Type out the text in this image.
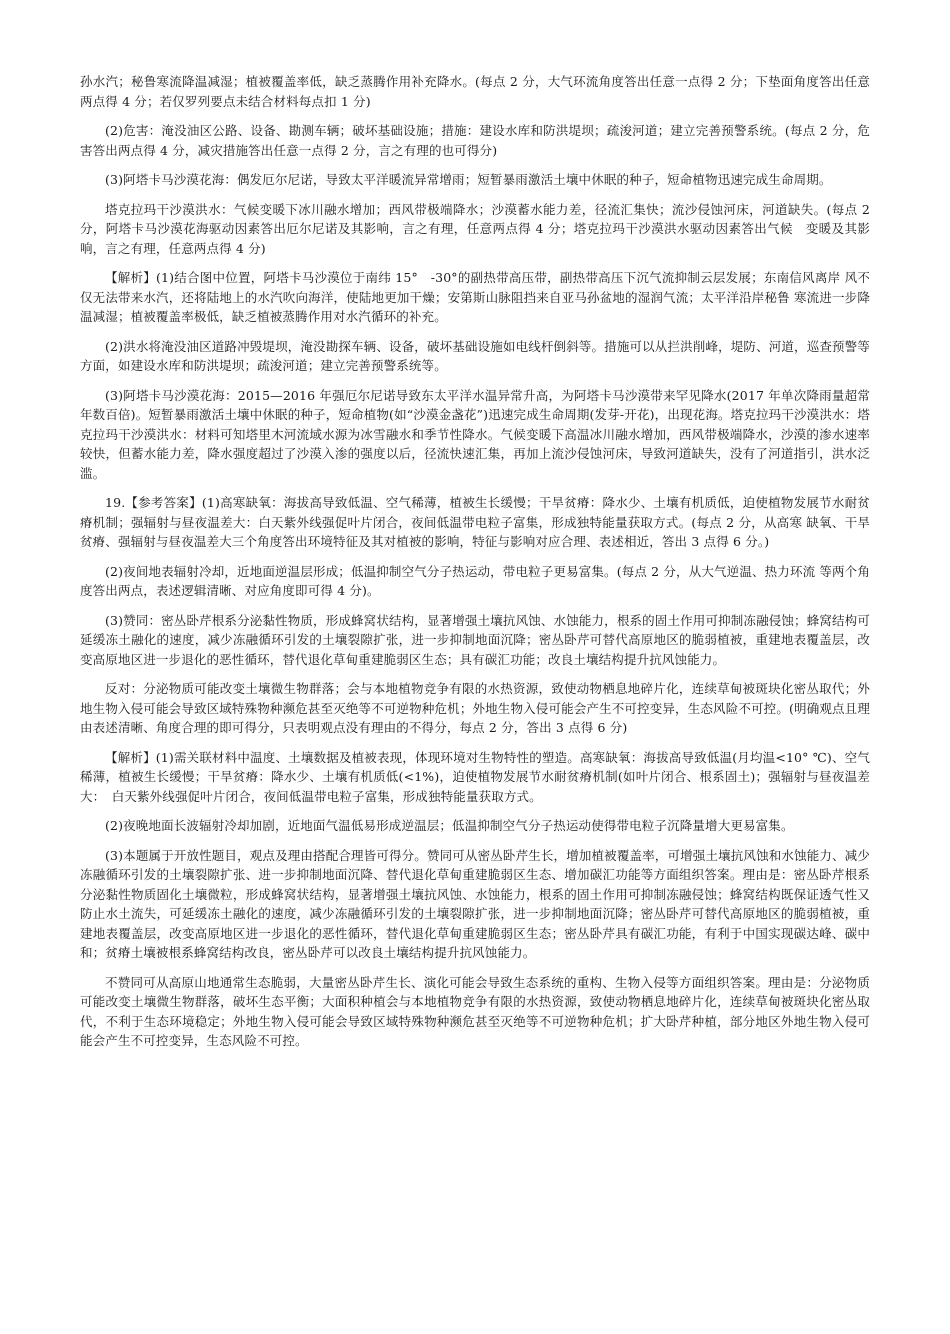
孙水汽；秘鲁寒流降温减湿；植被覆盖率低，缺乏蒸腾作用补充降水。(每点 2 分，大气环流角度答出任意一点得 2 分；下垫面角度答出任意两点得 4 分；若仅罗列要点未结合材料每点扣 1 分)

(2)危害：淹没油区公路、设备、勘测车辆；破坏基础设施；措施：建设水库和防洪堤坝；疏浚河道；建立完善预警系统。(每点 2 分，危害答出两点得 4 分，减灾措施答出任意一点得 2 分，言之有理的也可得分)

(3)阿塔卡马沙漠花海：偶发厄尔尼诺，导致太平洋暖流异常增雨；短暂暴雨激活土壤中休眠的种子，短命植物迅速完成生命周期。

塔克拉玛干沙漠洪水：气候变暖下冰川融水增加；西风带极端降水；沙漠蓄水能力差，径流汇集快；流沙侵蚀河床，河道缺失。(每点 2 分，阿塔卡马沙漠花海驱动因素答出厄尔尼诺及其影响，言之有理，任意两点得 4 分；塔克拉玛干沙漠洪水驱动因素答出气候　变暖及其影响，言之有理，任意两点得 4 分)

【解析】(1)结合图中位置，阿塔卡马沙漠位于南纬 15°　-30°的副热带高压带，副热带高压下沉气流抑制云层发展；东南信风离岸 风不仅无法带来水汽，还将陆地上的水汽吹向海洋，使陆地更加干燥；安第斯山脉阻挡来自亚马孙盆地的湿润气流；太平洋沿岸秘鲁 寒流进一步降温减湿；植被覆盖率极低，缺乏植被蒸腾作用对水汽循环的补充。

(2)洪水将淹没油区道路冲毁堤坝，淹没勘探车辆、设备，破坏基础设施如电线杆倒斜等。措施可以从拦洪削峰，堤防、河道，巡查预警等方面，如建设水库和防洪堤坝；疏浚河道；建立完善预警系统等。

(3)阿塔卡马沙漠花海：2015—2016 年强厄尔尼诺导致东太平洋水温异常升高，为阿塔卡马沙漠带来罕见降水(2017 年单次降雨量超常年数百倍)。短暂暴雨激活土壤中休眠的种子，短命植物(如“沙漠金盏花”)迅速完成生命周期(发芽-开花)，出现花海。塔克拉玛干沙漠洪水：塔克拉玛干沙漠洪水：材料可知塔里木河流域水源为冰雪融水和季节性降水。气候变暖下高温冰川融水增加，西风带极端降水，沙漠的渗水速率较快，但蓄水能力差，降水强度超过了沙漠入渗的强度以后，径流快速汇集，再加上流沙侵蚀河床，导致河道缺失，没有了河道指引，洪水泛滥。

19.【参考答案】(1)高寒缺氧：海拔高导致低温、空气稀薄，植被生长缓慢；干旱贫瘠：降水少、土壤有机质低，迫使植物发展节水耐贫瘠机制；强辐射与昼夜温差大：白天紫外线强促叶片闭合，夜间低温带电粒子富集，形成独特能量获取方式。(每点 2 分，从高寒 缺氧、干旱贫瘠、强辐射与昼夜温差大三个角度答出环境特征及其对植被的影响，特征与影响对应合理、表述相近，答出 3 点得 6 分。)

(2)夜间地表辐射冷却，近地面逆温层形成；低温抑制空气分子热运动，带电粒子更易富集。(每点 2 分，从大气逆温、热力环流 等两个角度答出两点，表述逻辑清晰、对应角度即可得 4 分)。

(3)赞同：密丛卧芹根系分泌黏性物质，形成蜂窝状结构，显著增强土壤抗风蚀、水蚀能力，根系的固土作用可抑制冻融侵蚀；蜂窝结构可延缓冻土融化的速度，减少冻融循环引发的土壤裂隙扩张，进一步抑制地面沉降；密丛卧芹可替代高原地区的脆弱植被，重建地表覆盖层，改变高原地区进一步退化的恶性循环，替代退化草甸重建脆弱区生态；具有碳汇功能；改良土壤结构提升抗风蚀能力。

反对：分泌物质可能改变土壤微生物群落；会与本地植物竞争有限的水热资源，致使动物栖息地碎片化，连续草甸被斑块化密丛取代；外地生物入侵可能会导致区域特殊物种濒危甚至灭绝等不可逆物种危机；外地生物入侵可能会产生不可控变异，生态风险不可控。(明确观点且理由表述清晰、角度合理的即可得分，只表明观点没有理由的不得分，每点 2 分，答出 3 点得 6 分)

【解析】(1)需关联材料中温度、土壤数据及植被表现，体现环境对生物特性的塑造。高寒缺氧：海拔高导致低温(月均温<10° ℃)、空气稀薄，植被生长缓慢；干旱贫瘠：降水少、土壤有机质低(<1%)，迫使植物发展节水耐贫瘠机制(如叶片闭合、根系固土)；强辐射与昼夜温差大：　白天紫外线强促叶片闭合，夜间低温带电粒子富集，形成独特能量获取方式。

(2)夜晚地面长波辐射冷却加剧，近地面气温低易形成逆温层；低温抑制空气分子热运动使得带电粒子沉降量增大更易富集。

(3)本题属于开放性题目，观点及理由搭配合理皆可得分。赞同可从密丛卧芹生长，增加植被覆盖率，可增强土壤抗风蚀和水蚀能力、减少冻融循环引发的土壤裂隙扩张、进一步抑制地面沉降、替代退化草甸重建脆弱区生态、增加碳汇功能等方面组织答案。理由是：密丛卧芹根系分泌黏性物质固化土壤微粒，形成蜂窝状结构，显著增强土壤抗风蚀、水蚀能力，根系的固土作用可抑制冻融侵蚀；蜂窝结构既保证透气性又防止水土流失，可延缓冻土融化的速度，减少冻融循环引发的土壤裂隙扩张，进一步抑制地面沉降；密丛卧芹可替代高原地区的脆弱植被，重建地表覆盖层，改变高原地区进一步退化的恶性循环，替代退化草甸重建脆弱区生态；密丛卧芹具有碳汇功能，有利于中国实现碳达峰、碳中和；贫瘠土壤被根系蜂窝结构改良，密丛卧芹可以改良土壤结构提升抗风蚀能力。

不赞同可从高原山地通常生态脆弱，大量密丛卧芹生长、演化可能会导致生态系统的重构、生物入侵等方面组织答案。理由是：分泌物质可能改变土壤微生物群落，破坏生态平衡；大面积种植会与本地植物竞争有限的水热资源，致使动物栖息地碎片化，连续草甸被斑块化密丛取代，不利于生态环境稳定；外地生物入侵可能会导致区域特殊物种濒危甚至灭绝等不可逆物种危机；扩大卧芹种植，部分地区外地生物入侵可能会产生不可控变异，生态风险不可控。
